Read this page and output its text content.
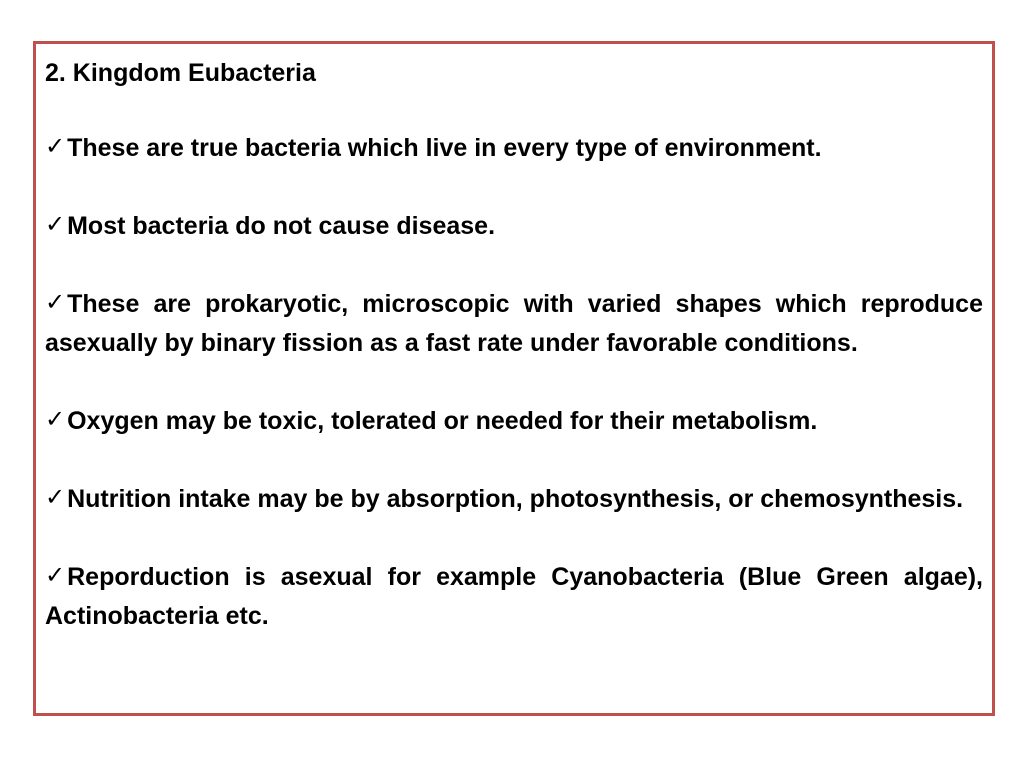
2. Kingdom Eubacteria

✓These are true bacteria which live in every type of environment.

✓Most bacteria do not cause disease.

✓These are prokaryotic, microscopic with varied shapes which reproduce asexually by binary fission as a fast rate under favorable conditions.

✓Oxygen may be toxic, tolerated or needed for their metabolism.

✓Nutrition intake may be by absorption, photosynthesis, or chemosynthesis.

✓Reporduction is asexual for example Cyanobacteria (Blue Green algae), Actinobacteria etc.
